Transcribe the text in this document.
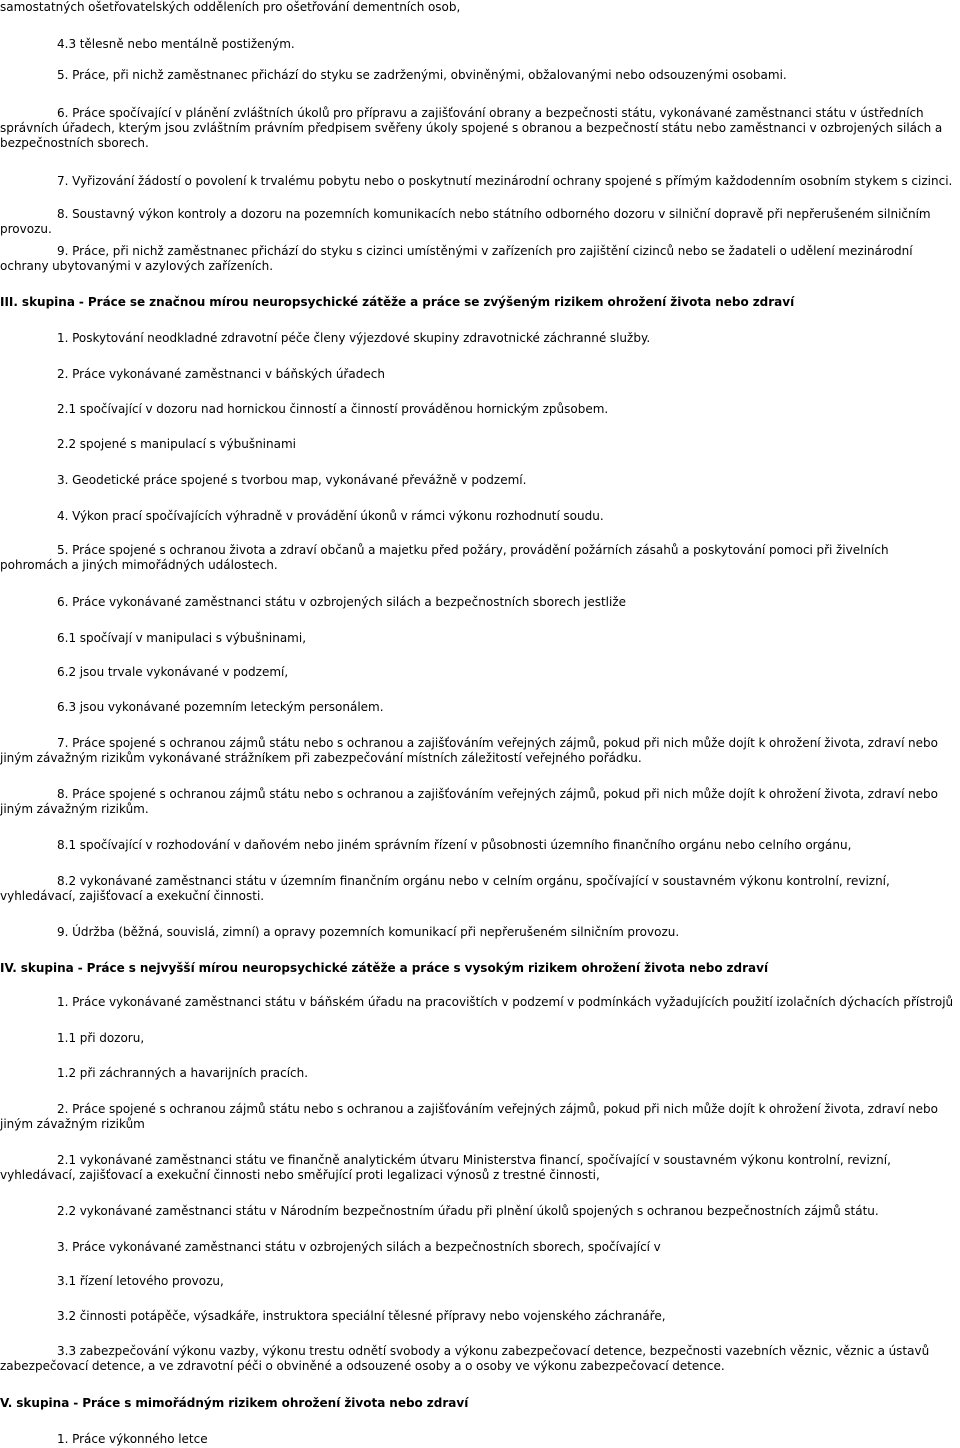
samostatných ošetřovatelských odděleních pro ošetřování dementních osob,

4.3 tělesně nebo mentálně postiženým.

5. Práce, při nichž zaměstnanec přichází do styku se zadrženými, obviněnými, obžalovanými nebo odsouzenými osobami.

6. Práce spočívající v plánění zvláštních úkolů pro přípravu a zajišťování obrany a bezpečnosti státu, vykonávané zaměstnanci státu v ústředních správních úřadech, kterým jsou zvláštním právním předpisem svěřeny úkoly spojené s obranou a bezpečností státu nebo zaměstnanci v ozbrojených silách a bezpečnostních sborech.

7. Vyřizování žádostí o povolení k trvalému pobytu nebo o poskytnutí mezinárodní ochrany spojené s přímým každodenním osobním stykem s cizinci.

8. Soustavný výkon kontroly a dozoru na pozemních komunikacích nebo státního odborného dozoru v silniční dopravě při nepřerušeném silničním provozu.

9. Práce, při nichž zaměstnanec přichází do styku s cizinci umístěnými v zařízeních pro zajištění cizinců nebo se žadateli o udělení mezinárodní ochrany ubytovanými v azylových zařízeních.

III. skupina - Práce se značnou mírou neuropsychické zátěže a práce se zvýšeným rizikem ohrožení života nebo zdraví

1. Poskytování neodkladné zdravotní péče členy výjezdové skupiny zdravotnické záchranné služby.

2. Práce vykonávané zaměstnanci v báňských úřadech

2.1 spočívající v dozoru nad hornickou činností a činností prováděnou hornickým způsobem.

2.2 spojené s manipulací s výbušninami

3. Geodetické práce spojené s tvorbou map, vykonávané převážně v podzemí.

4. Výkon prací spočívajících výhradně v provádění úkonů v rámci výkonu rozhodnutí soudu.

5. Práce spojené s ochranou života a zdraví občanů a majetku před požáry, provádění požárních zásahů a poskytování pomoci při živelních pohromách a jiných mimořádných událostech.

6. Práce vykonávané zaměstnanci státu v ozbrojených silách a bezpečnostních sborech jestliže

6.1 spočívají v manipulaci s výbušninami,

6.2 jsou trvale vykonávané v podzemí,

6.3 jsou vykonávané pozemním leteckým personálem.

7. Práce spojené s ochranou zájmů státu nebo s ochranou a zajišťováním veřejných zájmů, pokud při nich může dojít k ohrožení života, zdraví nebo jiným závažným rizikům vykonávané strážníkem při zabezpečování místních záležitostí veřejného pořádku.

8. Práce spojené s ochranou zájmů státu nebo s ochranou a zajišťováním veřejných zájmů, pokud při nich může dojít k ohrožení života, zdraví nebo jiným závažným rizikům.

8.1 spočívající v rozhodování v daňovém nebo jiném správním řízení v působnosti územního finančního orgánu nebo celního orgánu,

8.2 vykonávané zaměstnanci státu v územním finančním orgánu nebo v celním orgánu, spočívající v soustavném výkonu kontrolní, revizní, vyhledávací, zajišťovací a exekuční činnosti.

9. Údržba (běžná, souvislá, zimní) a opravy pozemních komunikací při nepřerušeném silničním provozu.

IV. skupina - Práce s nejvyšší mírou neuropsychické zátěže a práce s vysokým rizikem ohrožení života nebo zdraví

1. Práce vykonávané zaměstnanci státu v báňském úřadu na pracovištích v podzemí v podmínkách vyžadujících použití izolačních dýchacích přístrojů

1.1 při dozoru,

1.2 při záchranných a havarijních pracích.

2. Práce spojené s ochranou zájmů státu nebo s ochranou a zajišťováním veřejných zájmů, pokud při nich může dojít k ohrožení života, zdraví nebo jiným závažným rizikům

2.1 vykonávané zaměstnanci státu ve finančně analytickém útvaru Ministerstva financí, spočívající v soustavném výkonu kontrolní, revizní, vyhledávací, zajišťovací a exekuční činnosti nebo směřující proti legalizaci výnosů z trestné činnosti,

2.2 vykonávané zaměstnanci státu v Národním bezpečnostním úřadu při plnění úkolů spojených s ochranou bezpečnostních zájmů státu.

3. Práce vykonávané zaměstnanci státu v ozbrojených silách a bezpečnostních sborech, spočívající v

3.1 řízení letového provozu,

3.2 činnosti potápěče, výsadkáře, instruktora speciální tělesné přípravy nebo vojenského záchranáře,

3.3 zabezpečování výkonu vazby, výkonu trestu odnětí svobody a výkonu zabezpečovací detence, bezpečnosti vazebních věznic, věznic a ústavů zabezpečovací detence, a ve zdravotní péči o obviněné a odsouzené osoby a o osoby ve výkonu zabezpečovací detence.

V. skupina - Práce s mimořádným rizikem ohrožení života nebo zdraví

1. Práce výkonného letce
